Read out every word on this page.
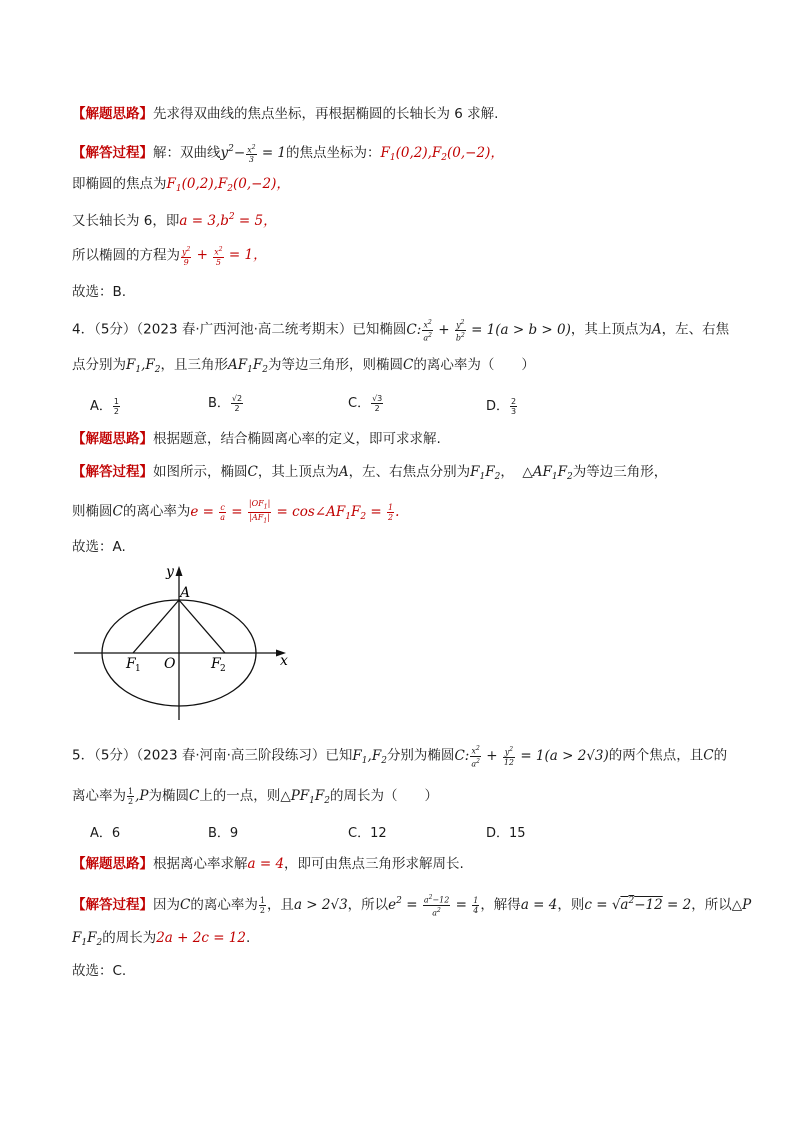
【解题思路】先求得双曲线的焦点坐标，再根据椭圆的长轴长为 6 求解.
【解答过程】解：双曲线$y^2- \frac{x^2}{3} = 1$的焦点坐标为：$F_1(0,2),F_2(0,-2)$，
即椭圆的焦点为$F_1(0,2),F_2(0,-2)$，
又长轴长为 6，即$a = 3,b^2 = 5$，
所以椭圆的方程为 $\frac{y^2}{9} + \frac{x^2}{5} = 1$，
故选：B.
4．（5分）（2023 春·广西河池·高二统考期末）已知椭圆C: $\frac{x^2}{a^2} + \frac{y^2}{b^2} = 1(a > b > 0)$，其上顶点为A，左、右焦
点分别为$F_1,F_2$，且三角形$AF_1F_2$为等边三角形，则椭圆C的离心率为（　　）
A． $\frac{1}{2}$	B． $\frac{√2}{2}$	C． $\frac{√3}{2}$	D． $\frac{2}{3}$
【解题思路】根据题意，结合椭圆离心率的定义，即可求求解.
【解答过程】如图所示，椭圆C，其上顶点为A，左、右焦点分别为$F_1F_2$，  $\triangle AF_1F_2$为等边三角形，
则椭圆C的离心率为$e = \frac{c}{a} = \frac{|OF_1|}{|AF_1|}$ = $\cos\angle AF_1F_2 = \frac{1}{2}$ .
故选：A.
y
x
A
O
F 1	F 2
5．（5分）（2023 春·河南·高三阶段练习）已知$F_1,F_2$分别为椭圆C: $\frac{x^2}{a^2} + \frac{y^2}{12} = 1(a > 2√3)$的两个焦点，且C的
离心率为 $\frac{1}{2} ,P$为椭圆C上的一点，则$\triangle PF_1F_2$的周长为（　　）
A．6	B．9	C．12	D．15
【解题思路】根据离心率求解a = 4，即可由焦点三角形求解周长.
【解答过程】因为C的离心率为 $\frac{1}{2}$ ，且a > 2√3，所以$e^2 = \frac{a^2-12}{a^2} = \frac{1}{4}$ ，解得a = 4，则$c = √a^2-12 = 2$，所以△P
$F_1F_2$的周长为2a + 2c = 12.
故选：C.
